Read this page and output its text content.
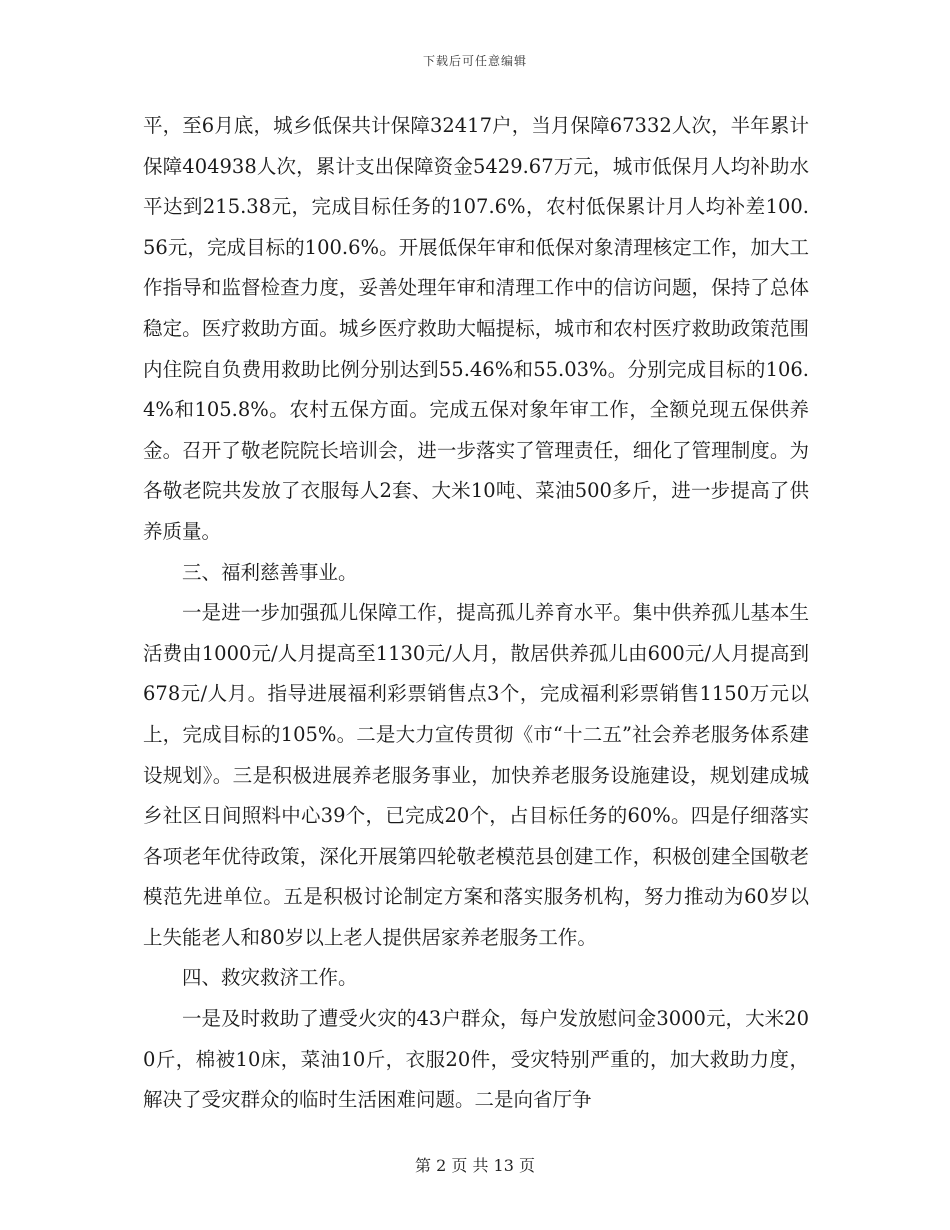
下载后可任意编辑

平，至6月底，城乡低保共计保障32417户，当月保障67332人次，半年累计保障404938人次，累计支出保障资金5429.67万元，城市低保月人均补助水平达到215.38元，完成目标任务的107.6%，农村低保累计月人均补差100.56元，完成目标的100.6%。开展低保年审和低保对象清理核定工作，加大工作指导和监督检查力度，妥善处理年审和清理工作中的信访问题，保持了总体稳定。医疗救助方面。城乡医疗救助大幅提标，城市和农村医疗救助政策范围内住院自负费用救助比例分别达到55.46%和55.03%。分别完成目标的106.4%和105.8%。农村五保方面。完成五保对象年审工作，全额兑现五保供养金。召开了敬老院院长培训会，进一步落实了管理责任，细化了管理制度。为各敬老院共发放了衣服每人2套、大米10吨、菜油500多斤，进一步提高了供养质量。

三、福利慈善事业。

一是进一步加强孤儿保障工作，提高孤儿养育水平。集中供养孤儿基本生活费由1000元/人月提高至1130元/人月，散居供养孤儿由600元/人月提高到678元/人月。指导进展福利彩票销售点3个，完成福利彩票销售1150万元以上，完成目标的105%。二是大力宣传贯彻《市“十二五”社会养老服务体系建设规划》。三是积极进展养老服务事业，加快养老服务设施建设，规划建成城乡社区日间照料中心39个，已完成20个，占目标任务的60%。四是仔细落实各项老年优待政策，深化开展第四轮敬老模范县创建工作，积极创建全国敬老模范先进单位。五是积极讨论制定方案和落实服务机构，努力推动为60岁以上失能老人和80岁以上老人提供居家养老服务工作。

四、救灾救济工作。

一是及时救助了遭受火灾的43户群众，每户发放慰问金3000元，大米200斤，棉被10床，菜油10斤，衣服20件，受灾特别严重的，加大救助力度，解决了受灾群众的临时生活困难问题。二是向省厅争

第 2 页 共 13 页
